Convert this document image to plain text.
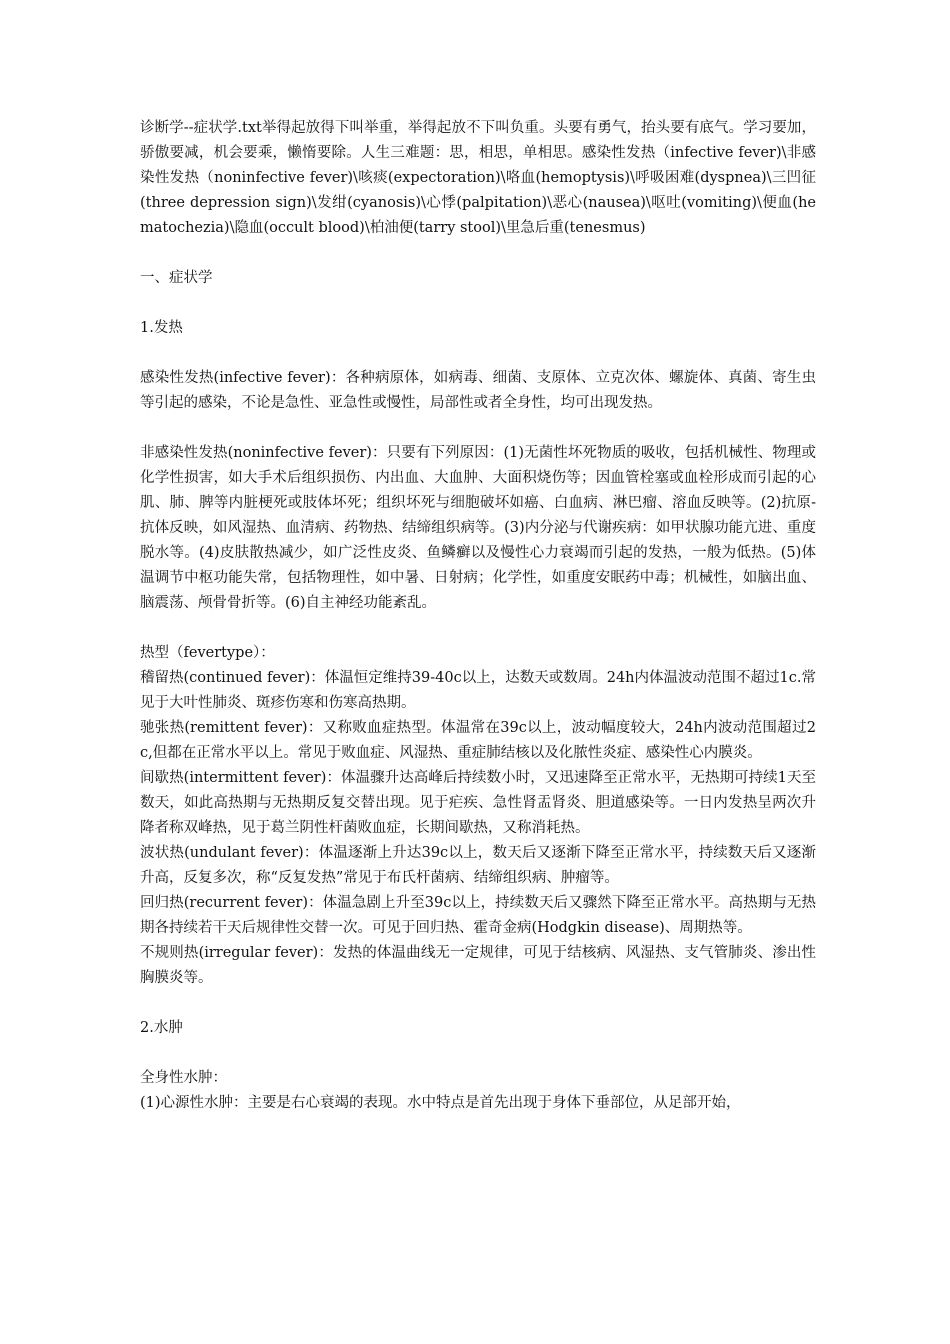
诊断学--症状学.txt举得起放得下叫举重，举得起放不下叫负重。头要有勇气，抬头要有底气。学习要加，骄傲要减，机会要乘，懒惰要除。人生三难题：思，相思，单相思。感染性发热（infective fever)\非感染性发热（noninfective fever)\咳痰(expectoration)\咯血(hemoptysis)\呼吸困难(dyspnea)\三凹征(three depression sign)\发绀(cyanosis)\心悸(palpitation)\恶心(nausea)\呕吐(vomiting)\便血(hematochezia)\隐血(occult blood)\柏油便(tarry stool)\里急后重(tenesmus)

一、症状学

1.发热

感染性发热(infective fever)：各种病原体，如病毒、细菌、支原体、立克次体、螺旋体、真菌、寄生虫等引起的感染，不论是急性、亚急性或慢性，局部性或者全身性，均可出现发热。

非感染性发热(noninfective fever)：只要有下列原因：(1)无菌性坏死物质的吸收，包括机械性、物理或化学性损害，如大手术后组织损伤、内出血、大血肿、大面积烧伤等；因血管栓塞或血栓形成而引起的心肌、肺、脾等内脏梗死或肢体坏死；组织坏死与细胞破坏如癌、白血病、淋巴瘤、溶血反映等。(2)抗原-抗体反映，如风湿热、血清病、药物热、结缔组织病等。(3)内分泌与代谢疾病：如甲状腺功能亢进、重度脱水等。(4)皮肤散热减少，如广泛性皮炎、鱼鳞癣以及慢性心力衰竭而引起的发热，一般为低热。(5)体温调节中枢功能失常，包括物理性，如中暑、日射病；化学性，如重度安眠药中毒；机械性，如脑出血、脑震荡、颅骨骨折等。(6)自主神经功能紊乱。

热型（fevertype）：

稽留热(continued fever)：体温恒定维持39-40c以上，达数天或数周。24h内体温波动范围不超过1c.常见于大叶性肺炎、斑疹伤寒和伤寒高热期。

驰张热(remittent fever)：又称败血症热型。体温常在39c以上，波动幅度较大，24h内波动范围超过2c,但都在正常水平以上。常见于败血症、风湿热、重症肺结核以及化脓性炎症、感染性心内膜炎。

间歇热(intermittent fever)：体温骤升达高峰后持续数小时，又迅速降至正常水平，无热期可持续1天至数天，如此高热期与无热期反复交替出现。见于疟疾、急性肾盂肾炎、胆道感染等。一日内发热呈两次升降者称双峰热，见于葛兰阴性杆菌败血症，长期间歇热，又称消耗热。

波状热(undulant fever)：体温逐渐上升达39c以上，数天后又逐渐下降至正常水平，持续数天后又逐渐升高，反复多次，称“反复发热”常见于布氏杆菌病、结缔组织病、肿瘤等。

回归热(recurrent fever)：体温急剧上升至39c以上，持续数天后又骤然下降至正常水平。高热期与无热期各持续若干天后规律性交替一次。可见于回归热、霍奇金病(Hodgkin disease)、周期热等。

不规则热(irregular fever)：发热的体温曲线无一定规律，可见于结核病、风湿热、支气管肺炎、渗出性胸膜炎等。

2.水肿

全身性水肿：

(1)心源性水肿：主要是右心衰竭的表现。水中特点是首先出现于身体下垂部位，从足部开始，
